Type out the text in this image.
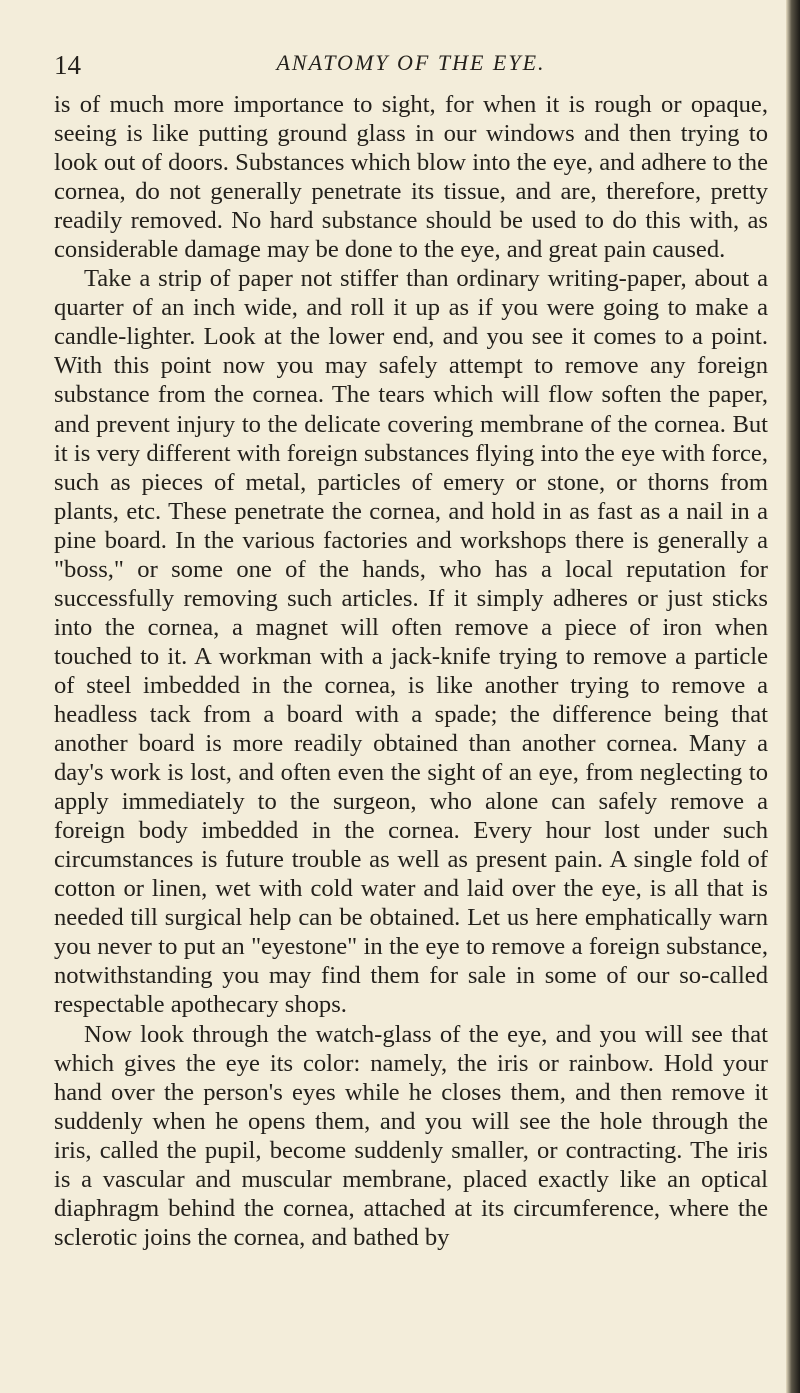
14	ANATOMY OF THE EYE.

is of much more importance to sight, for when it is rough or opaque, seeing is like putting ground glass in our windows and then trying to look out of doors. Substances which blow into the eye, and adhere to the cornea, do not generally penetrate its tissue, and are, therefore, pretty readily removed. No hard substance should be used to do this with, as considerable damage may be done to the eye, and great pain caused.

Take a strip of paper not stiffer than ordinary writing-paper, about a quarter of an inch wide, and roll it up as if you were going to make a candle-lighter. Look at the lower end, and you see it comes to a point. With this point now you may safely attempt to remove any foreign substance from the cornea. The tears which will flow soften the paper, and prevent injury to the delicate covering membrane of the cornea. But it is very different with foreign substances flying into the eye with force, such as pieces of metal, particles of emery or stone, or thorns from plants, etc. These penetrate the cornea, and hold in as fast as a nail in a pine board. In the various factories and workshops there is generally a "boss," or some one of the hands, who has a local reputation for successfully removing such articles. If it simply adheres or just sticks into the cornea, a magnet will often remove a piece of iron when touched to it. A workman with a jack-knife trying to remove a particle of steel imbedded in the cornea, is like another trying to remove a headless tack from a board with a spade; the difference being that another board is more readily obtained than another cornea. Many a day's work is lost, and often even the sight of an eye, from neglecting to apply immediately to the surgeon, who alone can safely remove a foreign body imbedded in the cornea. Every hour lost under such circumstances is future trouble as well as present pain. A single fold of cotton or linen, wet with cold water and laid over the eye, is all that is needed till surgical help can be obtained. Let us here emphatically warn you never to put an "eyestone" in the eye to remove a foreign substance, notwithstanding you may find them for sale in some of our so-called respectable apothecary shops.

Now look through the watch-glass of the eye, and you will see that which gives the eye its color: namely, the iris or rainbow. Hold your hand over the person's eyes while he closes them, and then remove it suddenly when he opens them, and you will see the hole through the iris, called the pupil, become suddenly smaller, or contracting. The iris is a vascular and muscular membrane, placed exactly like an optical diaphragm behind the cornea, attached at its circumference, where the sclerotic joins the cornea, and bathed by
